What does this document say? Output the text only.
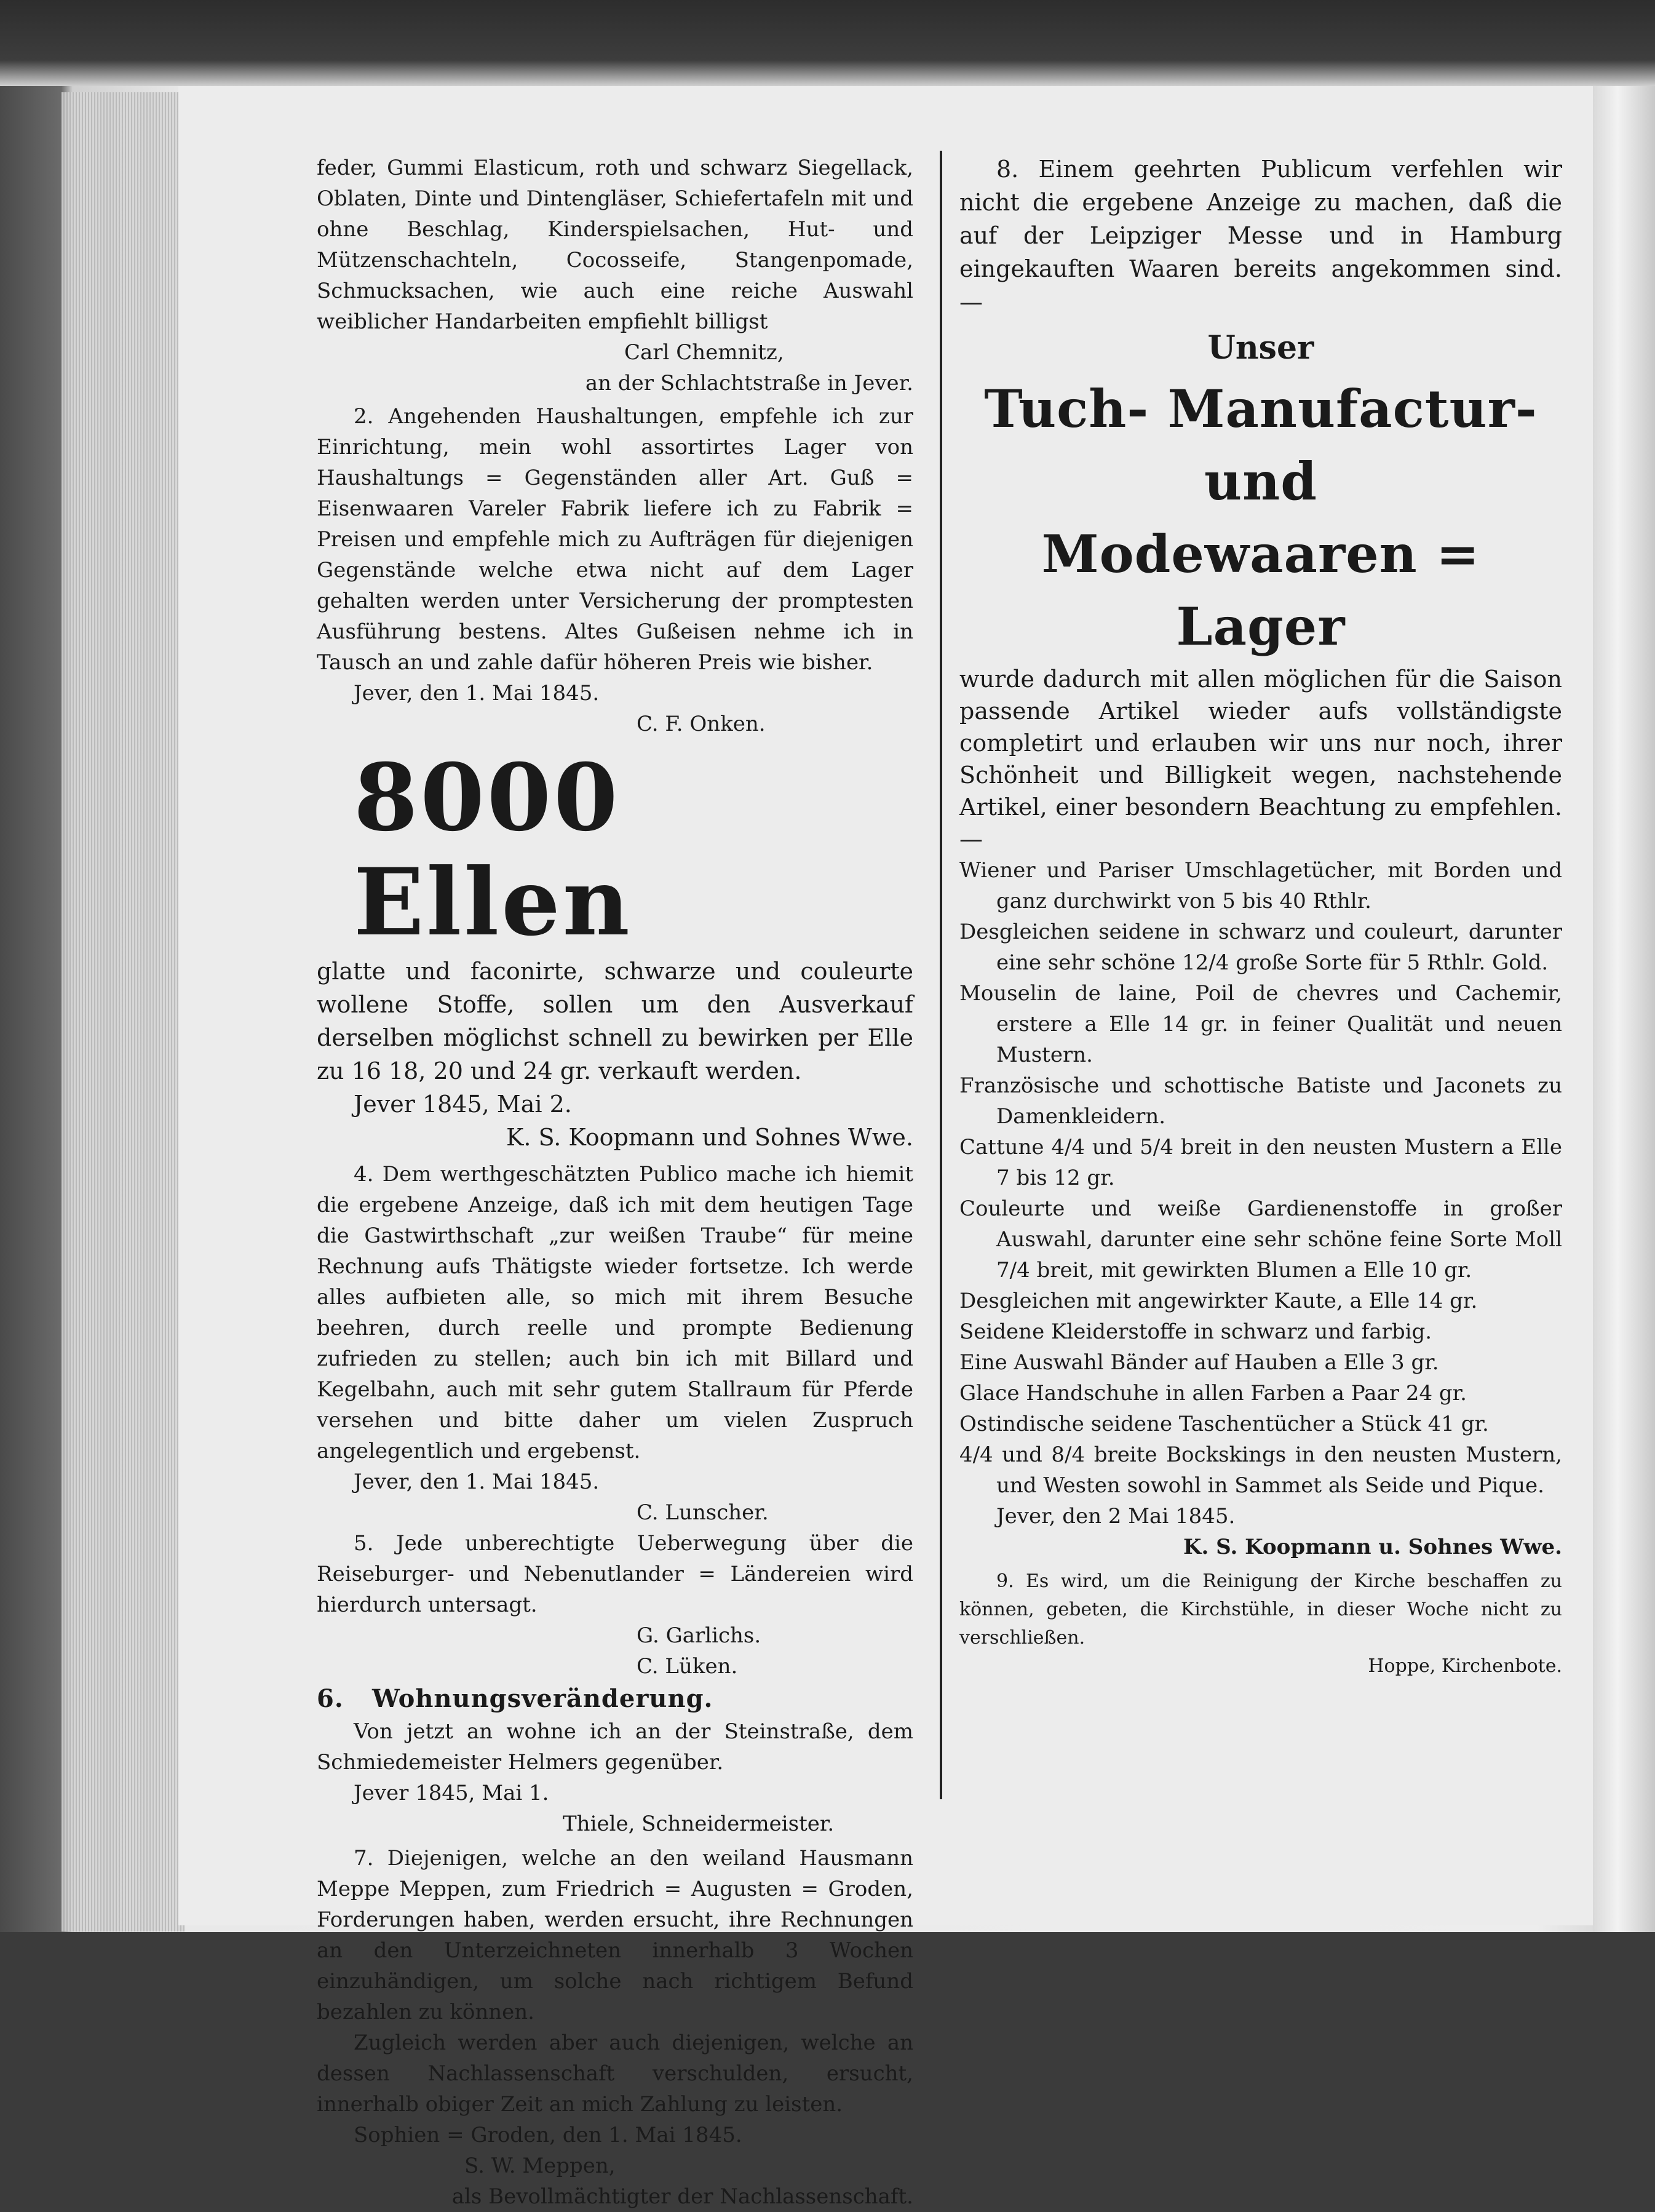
feder, Gummi Elasticum, roth und schwarz Siegellack, Oblaten, Dinte und Dintengläser, Schiefertafeln mit und ohne Beschlag, Kinderspielsachen, Hut- und Mützenschachteln, Cocosseife, Stangenpomade, Schmucksachen, wie auch eine reiche Auswahl weiblicher Handarbeiten empfiehlt billigst

Carl Chemnitz,

an der Schlachtstraße in Jever.

2. Angehenden Haushaltungen, empfehle ich zur Einrichtung, mein wohl assortirtes Lager von Haushaltungs = Gegenständen aller Art. Guß = Eisenwaaren Vareler Fabrik liefere ich zu Fabrik = Preisen und empfehle mich zu Aufträgen für diejenigen Gegenstände welche etwa nicht auf dem Lager gehalten werden unter Versicherung der promptesten Ausführung bestens. Altes Gußeisen nehme ich in Tausch an und zahle dafür höheren Preis wie bisher.

Jever, den 1. Mai 1845.

C. F. Onken.

8000 Ellen

glatte und faconirte, schwarze und couleurte wollene Stoffe, sollen um den Ausverkauf derselben möglichst schnell zu bewirken per Elle zu 16 18, 20 und 24 gr. verkauft werden.

Jever 1845, Mai 2.

K. S. Koopmann und Sohnes Wwe.

4. Dem werthgeschätzten Publico mache ich hiemit die ergebene Anzeige, daß ich mit dem heutigen Tage die Gastwirthschaft „zur weißen Traube“ für meine Rechnung aufs Thätigste wieder fortsetze. Ich werde alles aufbieten alle, so mich mit ihrem Besuche beehren, durch reelle und prompte Bedienung zufrieden zu stellen; auch bin ich mit Billard und Kegelbahn, auch mit sehr gutem Stallraum für Pferde versehen und bitte daher um vielen Zuspruch angelegentlich und ergebenst.

Jever, den 1. Mai 1845.

C. Lunscher.

5. Jede unberechtigte Ueberwegung über die Reiseburger- und Nebenutlander = Ländereien wird hierdurch untersagt.

G. Garlichs.

C. Lüken.

6. Wohnungsveränderung.

Von jetzt an wohne ich an der Steinstraße, dem Schmiedemeister Helmers gegenüber.

Jever 1845, Mai 1.

Thiele, Schneidermeister.

7. Diejenigen, welche an den weiland Hausmann Meppe Meppen, zum Friedrich = Augusten = Groden, Forderungen haben, werden ersucht, ihre Rechnungen an den Unterzeichneten innerhalb 3 Wochen einzuhändigen, um solche nach richtigem Befund bezahlen zu können.

Zugleich werden aber auch diejenigen, welche an dessen Nachlassenschaft verschulden, ersucht, innerhalb obiger Zeit an mich Zahlung zu leisten.

Sophien = Groden, den 1. Mai 1845.

S. W. Meppen,

als Bevollmächtigter der Nachlassenschaft.

8. Einem geehrten Publicum verfehlen wir nicht die ergebene Anzeige zu machen, daß die auf der Leipziger Messe und in Hamburg eingekauften Waaren bereits angekommen sind. —

Unser
Tuch- Manufactur- und
Modewaaren = Lager

wurde dadurch mit allen möglichen für die Saison passende Artikel wieder aufs vollständigste completirt und erlauben wir uns nur noch, ihrer Schönheit und Billigkeit wegen, nachstehende Artikel, einer besondern Beachtung zu empfehlen. —

Wiener und Pariser Umschlagetücher, mit Borden und ganz durchwirkt von 5 bis 40 Rthlr.

Desgleichen seidene in schwarz und couleurt, darunter eine sehr schöne 12/4 große Sorte für 5 Rthlr. Gold.

Mouselin de laine, Poil de chevres und Cachemir, erstere a Elle 14 gr. in feiner Qualität und neuen Mustern.

Französische und schottische Batiste und Jaconets zu Damenkleidern.

Cattune 4/4 und 5/4 breit in den neusten Mustern a Elle 7 bis 12 gr.

Couleurte und weiße Gardienenstoffe in großer Auswahl, darunter eine sehr schöne feine Sorte Moll 7/4 breit, mit gewirkten Blumen a Elle 10 gr.

Desgleichen mit angewirkter Kaute, a Elle 14 gr.

Seidene Kleiderstoffe in schwarz und farbig.

Eine Auswahl Bänder auf Hauben a Elle 3 gr.

Glace Handschuhe in allen Farben a Paar 24 gr.

Ostindische seidene Taschentücher a Stück 41 gr.

4/4 und 8/4 breite Bockskings in den neusten Mustern, und Westen sowohl in Sammet als Seide und Pique.

Jever, den 2 Mai 1845.

K. S. Koopmann u. Sohnes Wwe.

9. Es wird, um die Reinigung der Kirche beschaffen zu können, gebeten, die Kirchstühle, in dieser Woche nicht zu verschließen.

Hoppe, Kirchenbote.
